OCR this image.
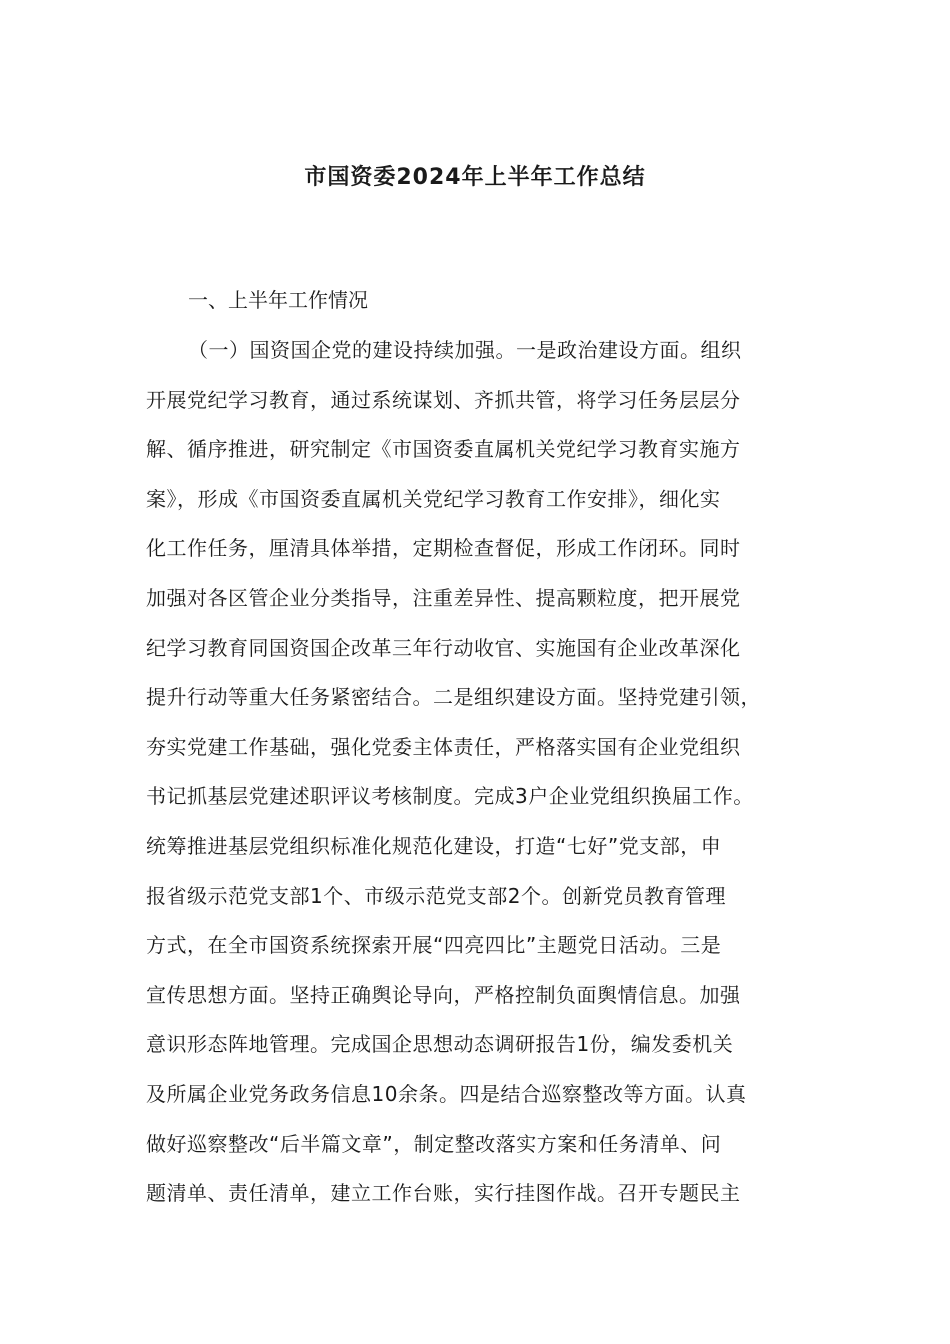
市国资委2024年上半年工作总结
一、上半年工作情况
（一）国资国企党的建设持续加强。一是政治建设方面。组织
开展党纪学习教育，通过系统谋划、齐抓共管，将学习任务层层分
解、循序推进，研究制定《市国资委直属机关党纪学习教育实施方
案》，形成《市国资委直属机关党纪学习教育工作安排》，细化实
化工作任务，厘清具体举措，定期检查督促，形成工作闭环。同时
加强对各区管企业分类指导，注重差异性、提高颗粒度，把开展党
纪学习教育同国资国企改革三年行动收官、实施国有企业改革深化
提升行动等重大任务紧密结合。二是组织建设方面。坚持党建引领，
夯实党建工作基础，强化党委主体责任，严格落实国有企业党组织
书记抓基层党建述职评议考核制度。完成3户企业党组织换届工作。
统筹推进基层党组织标准化规范化建设，打造“七好”党支部，申
报省级示范党支部1个、市级示范党支部2个。创新党员教育管理
方式，在全市国资系统探索开展“四亮四比”主题党日活动。三是
宣传思想方面。坚持正确舆论导向，严格控制负面舆情信息。加强
意识形态阵地管理。完成国企思想动态调研报告1份，编发委机关
及所属企业党务政务信息10余条。四是结合巡察整改等方面。认真
做好巡察整改“后半篇文章”，制定整改落实方案和任务清单、问
题清单、责任清单，建立工作台账，实行挂图作战。召开专题民主
